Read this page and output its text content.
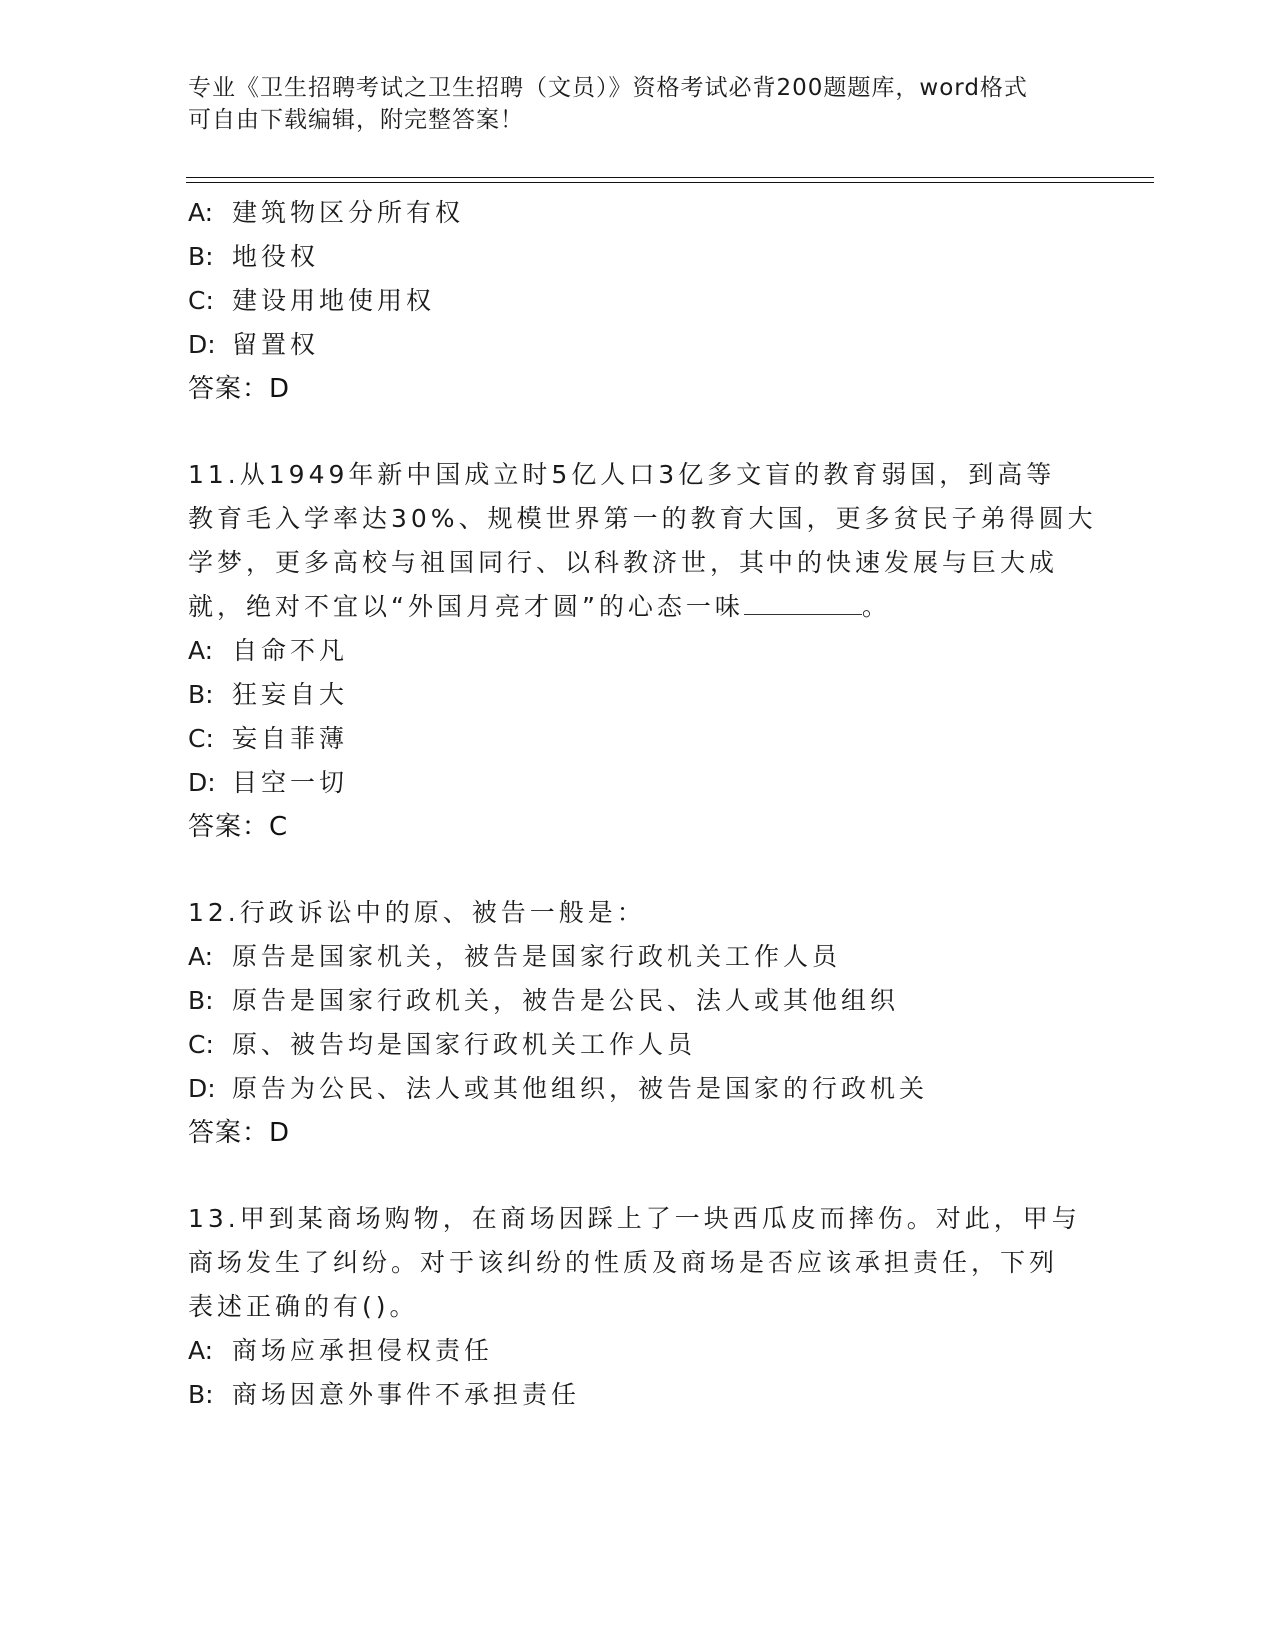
专业《卫生招聘考试之卫生招聘（文员）》资格考试必背200题题库，word格式
可自由下载编辑，附完整答案！
A: 建筑物区分所有权
B: 地役权
C: 建设用地使用权
D: 留置权
答案：D
11.从1949年新中国成立时5亿人口3亿多文盲的教育弱国，到高等
教育毛入学率达30%、规模世界第一的教育大国，更多贫民子弟得圆大
学梦，更多高校与祖国同行、以科教济世，其中的快速发展与巨大成
就，绝对不宜以“外国月亮才圆”的心态一味	。
A: 自命不凡
B: 狂妄自大
C: 妄自菲薄
D: 目空一切
答案：C
12.行政诉讼中的原、被告一般是：
A: 原告是国家机关，被告是国家行政机关工作人员
B: 原告是国家行政机关，被告是公民、法人或其他组织
C: 原、被告均是国家行政机关工作人员
D: 原告为公民、法人或其他组织，被告是国家的行政机关
答案：D
13.甲到某商场购物，在商场因踩上了一块西瓜皮而摔伤。对此，甲与
商场发生了纠纷。对于该纠纷的性质及商场是否应该承担责任，下列
表述正确的有()。
A: 商场应承担侵权责任
B: 商场因意外事件不承担责任
